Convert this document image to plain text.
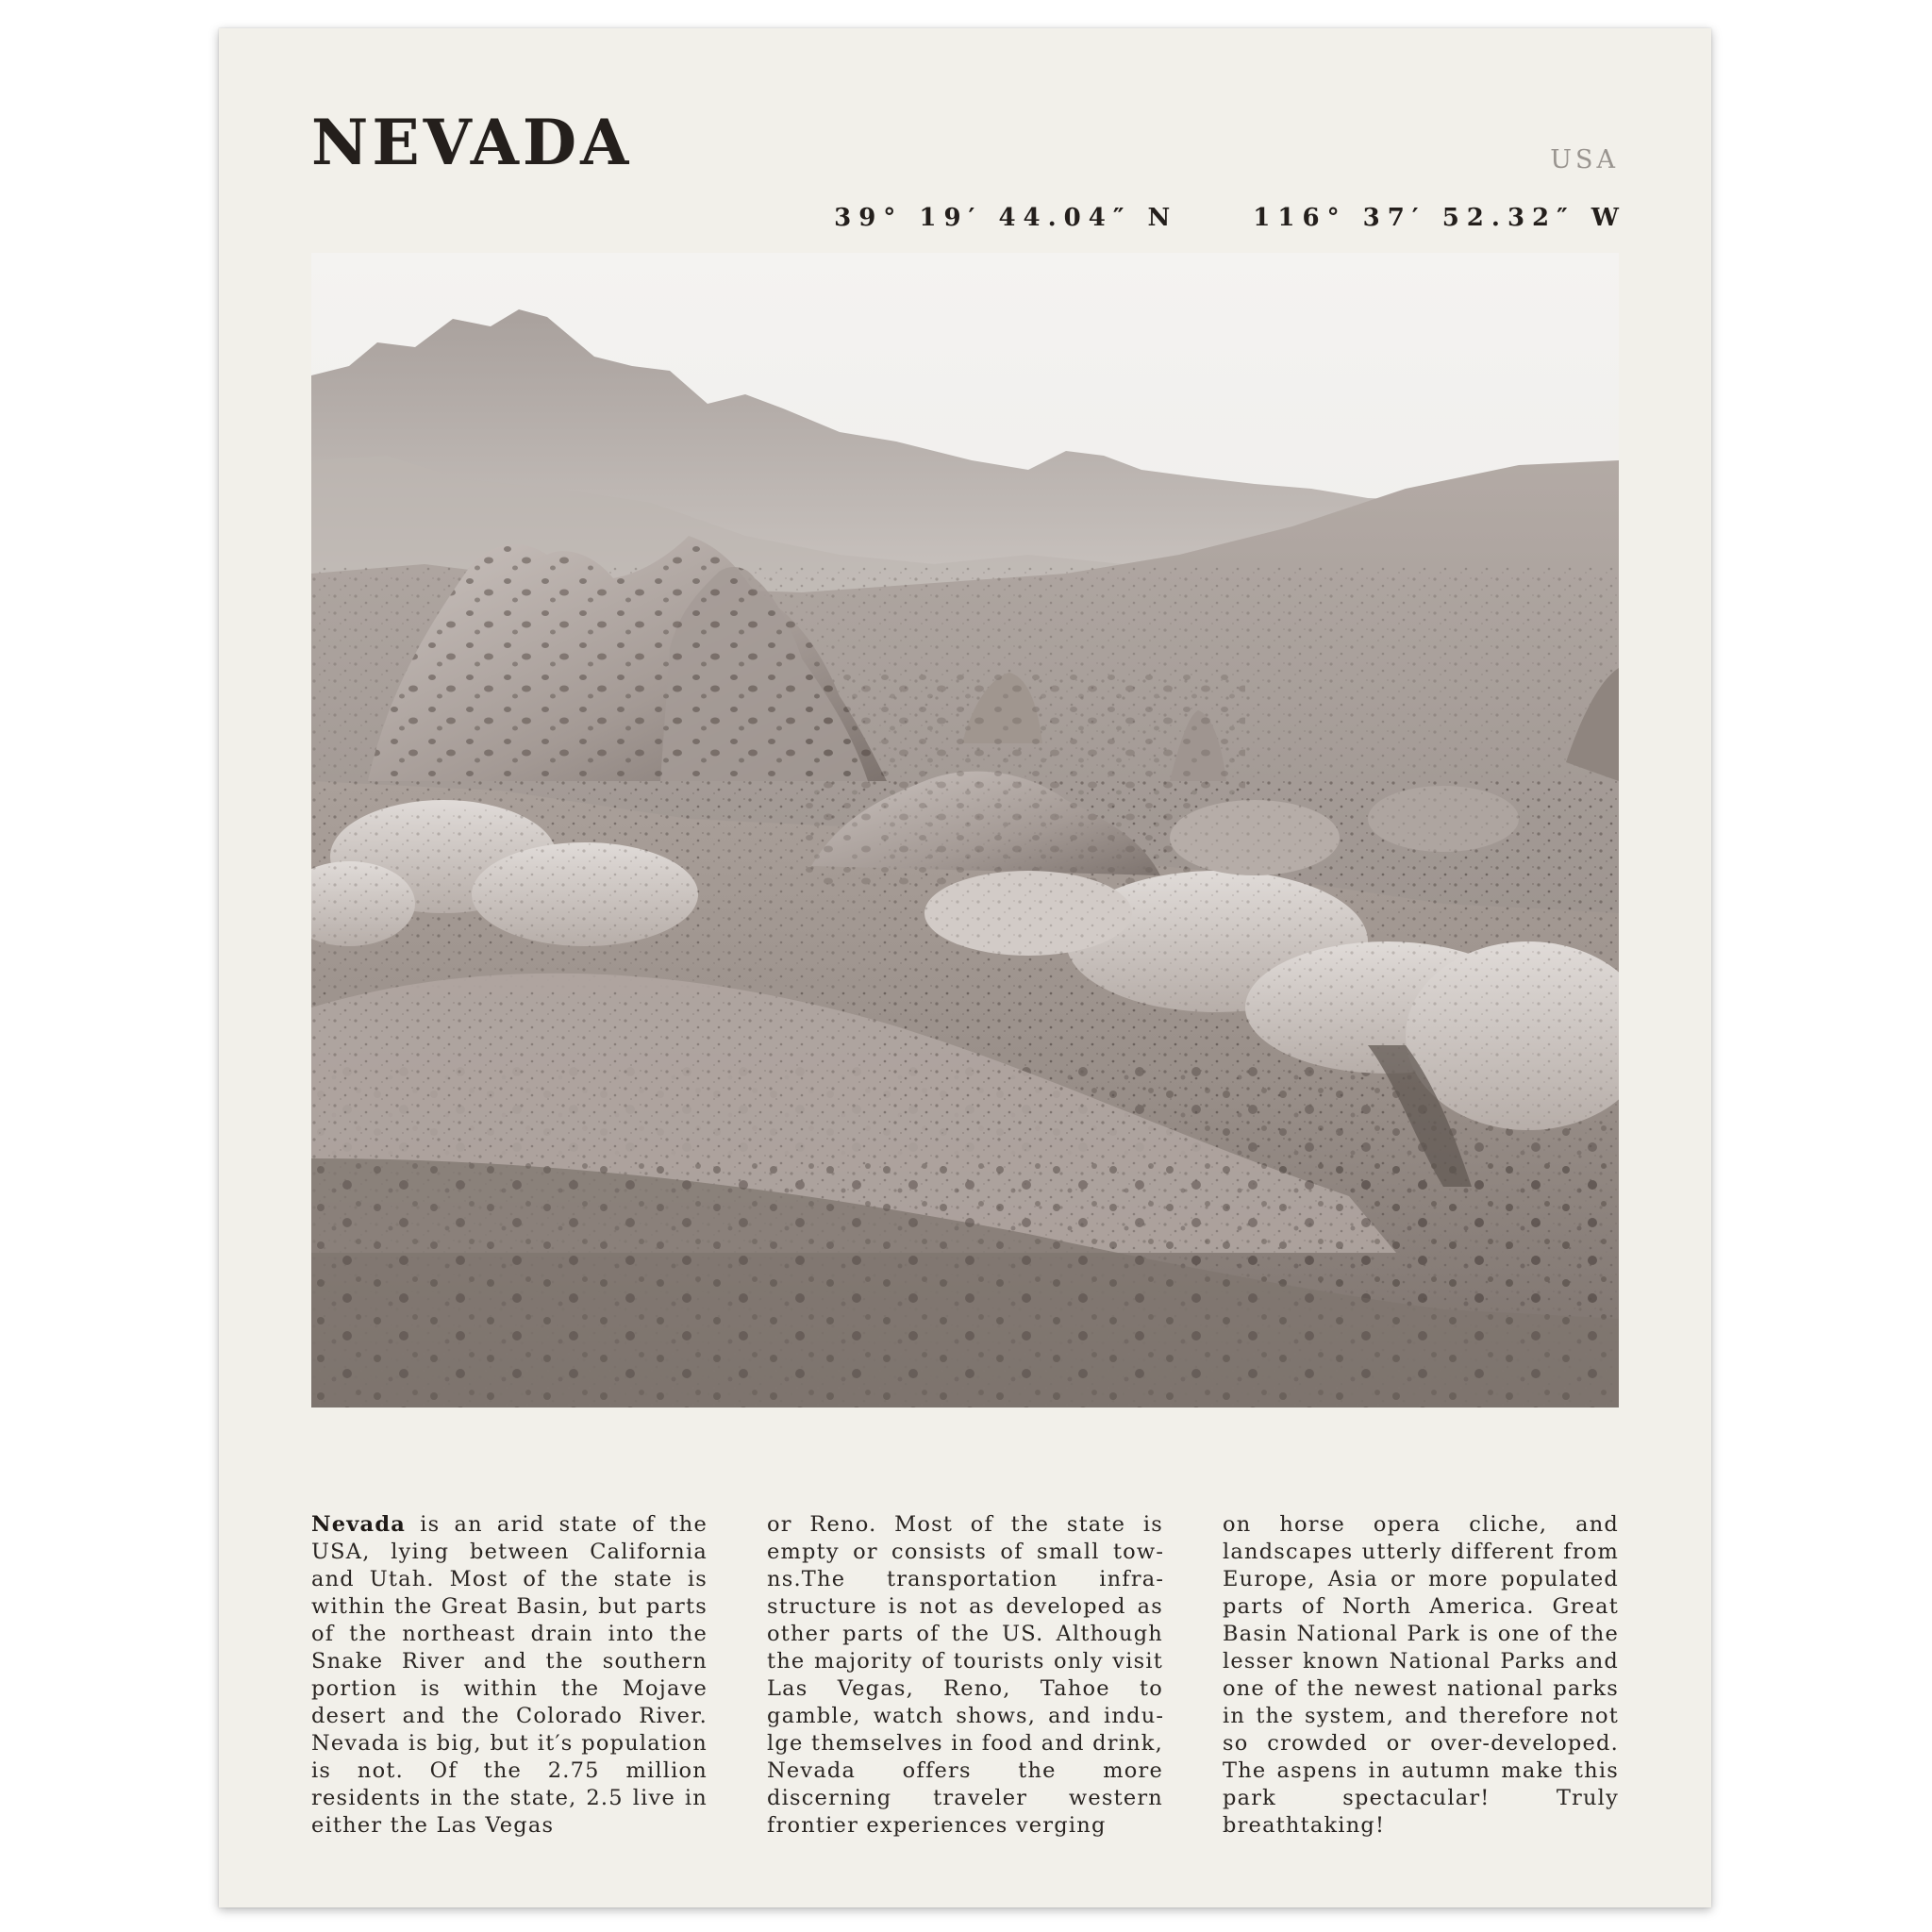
NEVADA	USA
39° 19′ 44.04″ N	116° 37′ 52.32″ W
Nevada is an arid state of the USA, lying between California and Utah. Most of the state is within the Great Basin, but parts of the northeast drain into the Snake River and the southern portion is within the Mojave desert and the Colorado River. Nevada is big, but it′s population is not. Of the 2.75 million residents in the state, 2.5 live in either the Las Vegas
or Reno. Most of the state is empty or consists of small towns.The transportation infrastructure is not as developed as other parts of the US. Although the majority of tourists only visit Las Vegas, Reno, Tahoe to gamble, watch shows, and indulge themselves in food and drink, Nevada offers the more discerning traveler western frontier experiences verging
on horse opera cliche, and landscapes utterly different from Europe, Asia or more populated parts of North America. Great Basin National Park is one of the lesser known National Parks and one of the newest national parks in the system, and therefore not so crowded or over-developed. The aspens in autumn make this park spectacular! Truly breathtaking!
